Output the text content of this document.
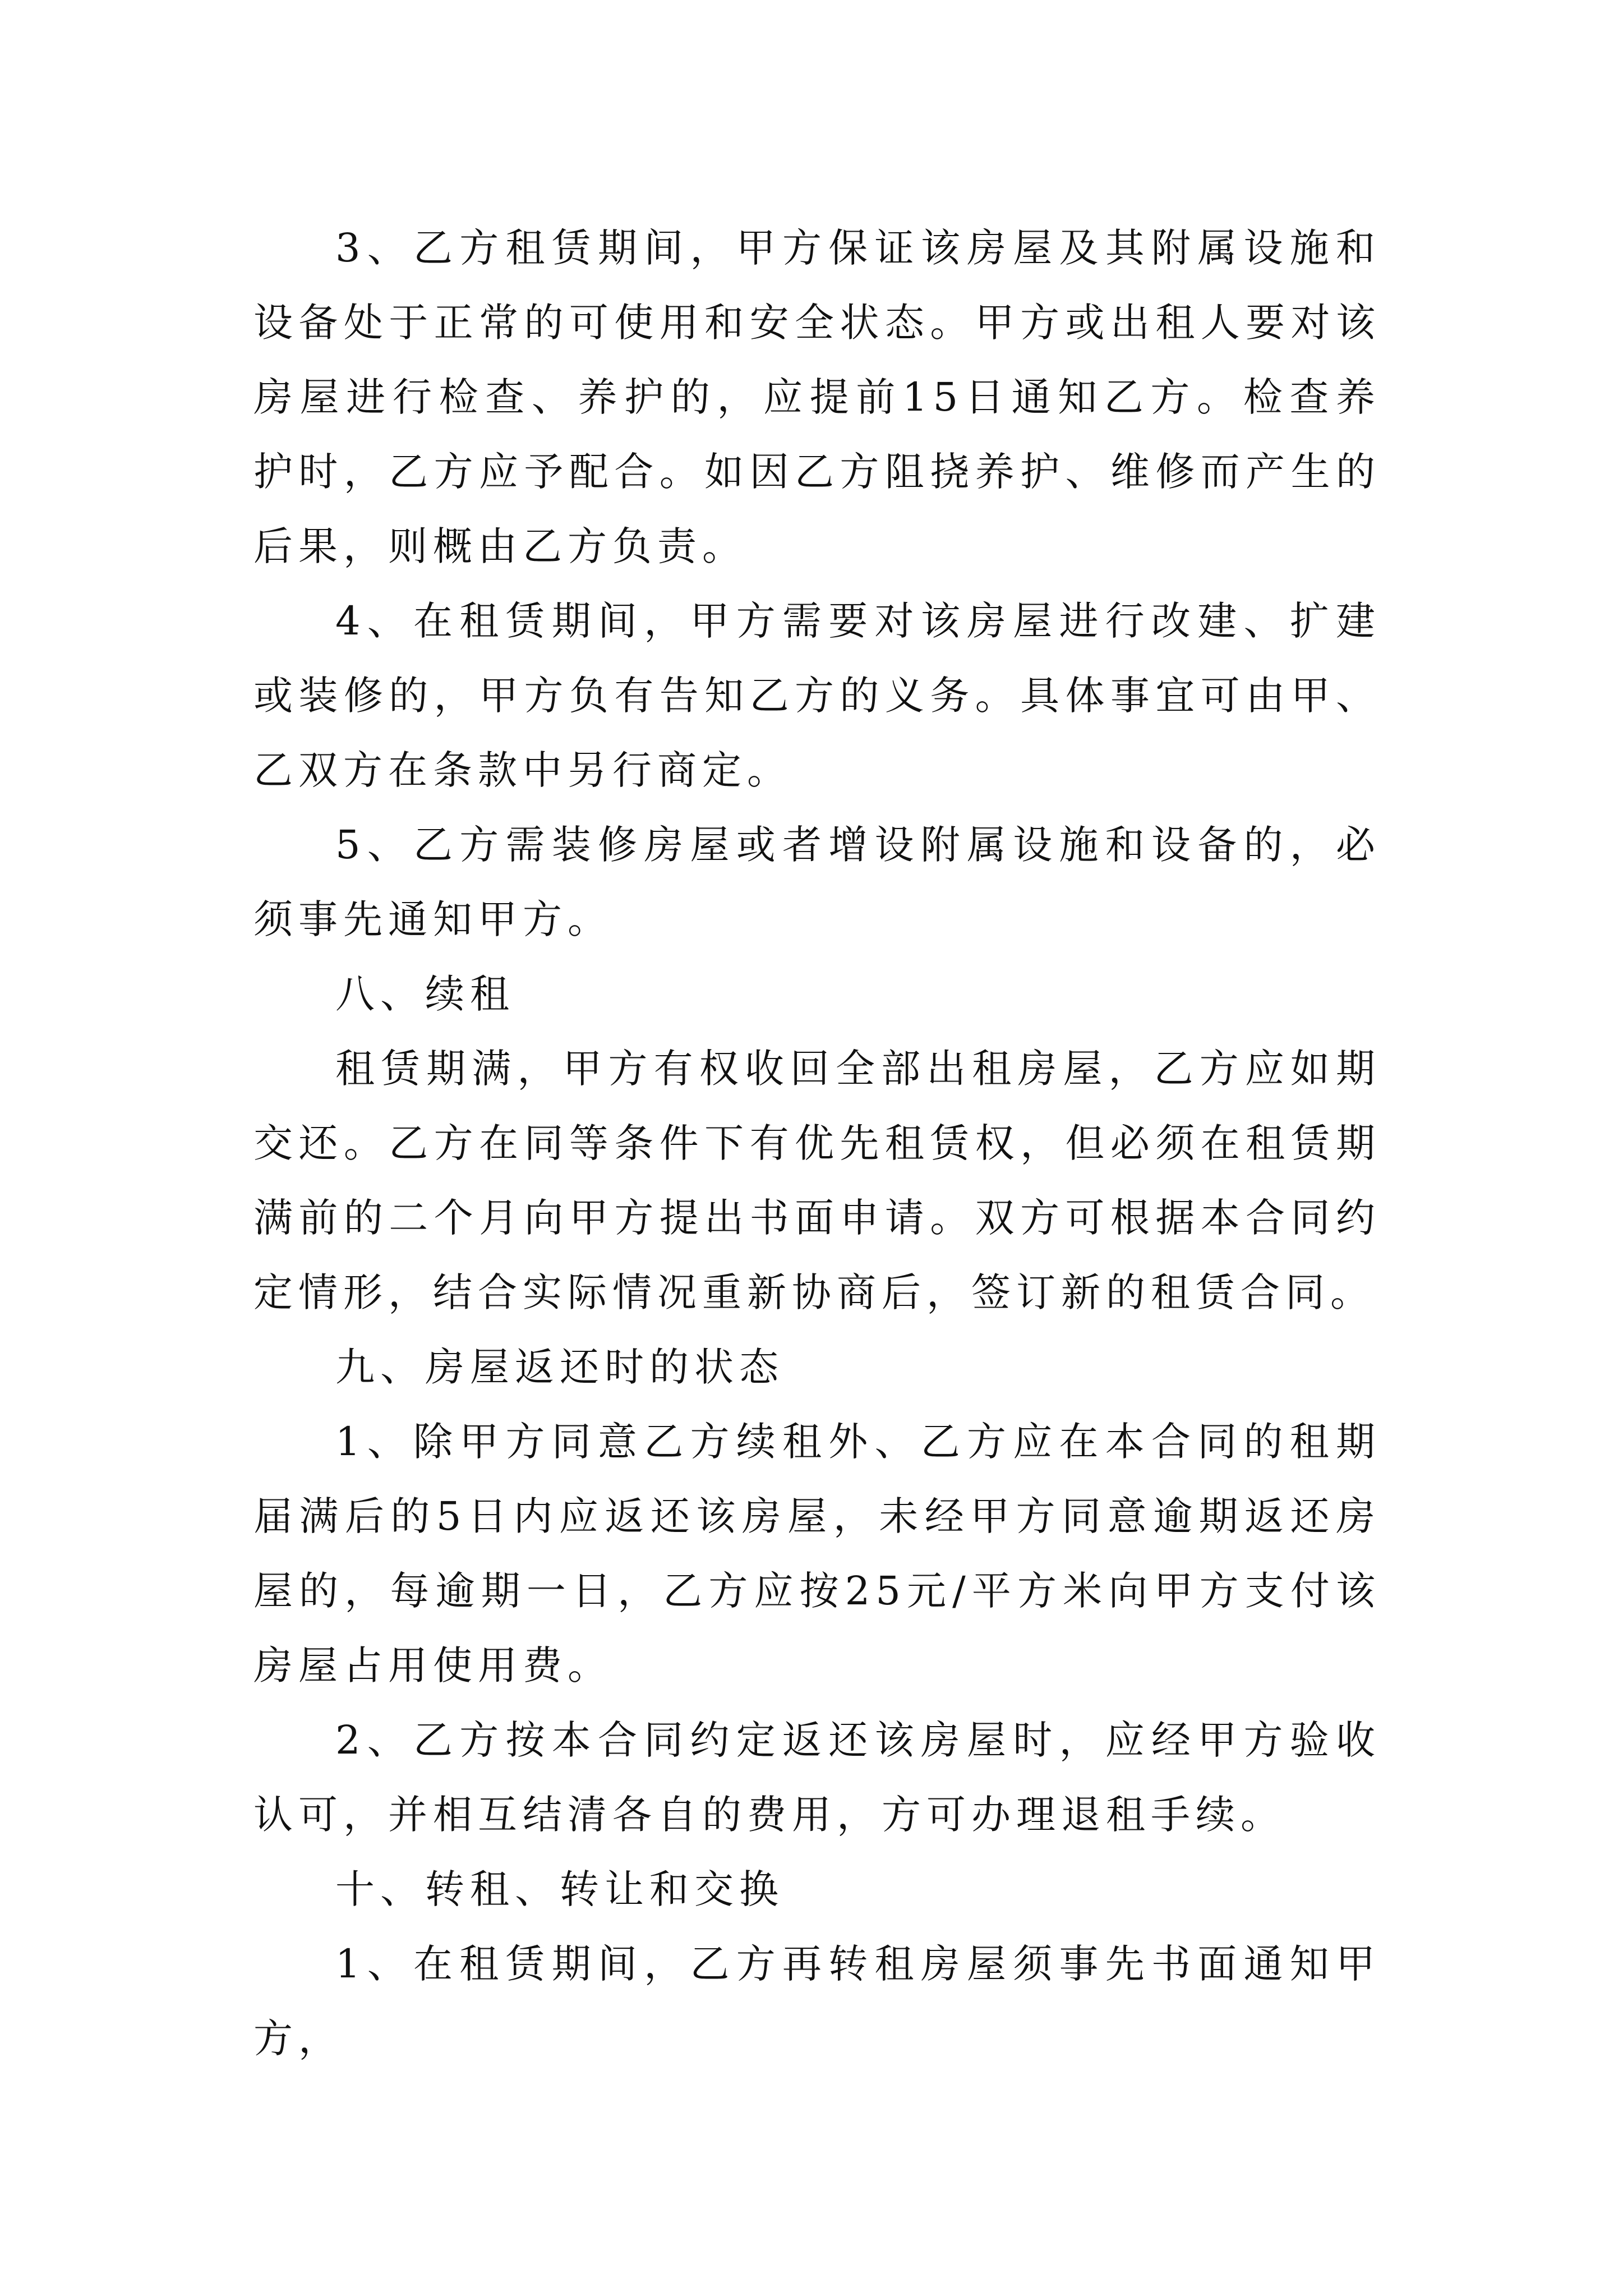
3、乙方租赁期间，甲方保证该房屋及其附属设施和设备处于正常的可使用和安全状态。甲方或出租人要对该房屋进行检查、养护的，应提前15日通知乙方。检查养护时，乙方应予配合。如因乙方阻挠养护、维修而产生的后果，则概由乙方负责。

4、在租赁期间，甲方需要对该房屋进行改建、扩建或装修的，甲方负有告知乙方的义务。具体事宜可由甲、乙双方在条款中另行商定。

5、乙方需装修房屋或者增设附属设施和设备的，必须事先通知甲方。

八、续租

租赁期满，甲方有权收回全部出租房屋，乙方应如期交还。乙方在同等条件下有优先租赁权，但必须在租赁期满前的二个月向甲方提出书面申请。双方可根据本合同约定情形，结合实际情况重新协商后，签订新的租赁合同。

九、房屋返还时的状态

1、除甲方同意乙方续租外、乙方应在本合同的租期届满后的5日内应返还该房屋，未经甲方同意逾期返还房屋的，每逾期一日，乙方应按25元/平方米向甲方支付该房屋占用使用费。

2、乙方按本合同约定返还该房屋时，应经甲方验收认可，并相互结清各自的费用，方可办理退租手续。

十、转租、转让和交换

1、在租赁期间，乙方再转租房屋须事先书面通知甲方，
